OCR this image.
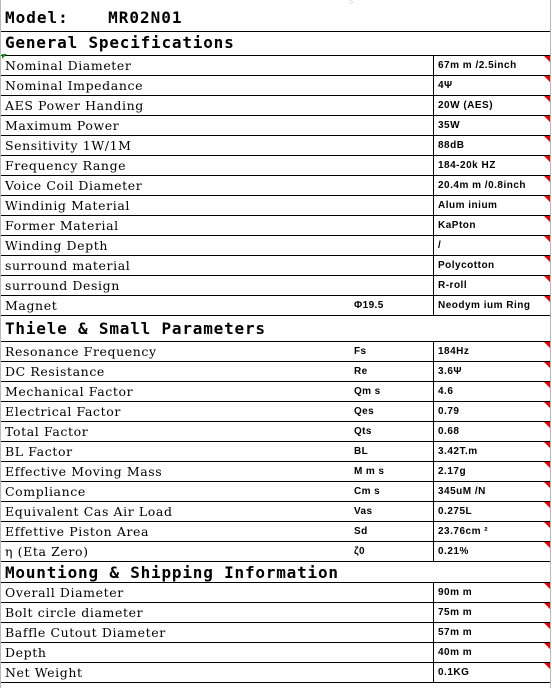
⁘
Model: MR02N01
General Specifications
Nominal Diameter	67m m /2.5inch
Nominal Impedance	4Ψ
AES Power Handing	20W (AES)
Maximum Power	35W
Sensitivity 1W/1M	88dB
Frequency Range	184-20k HZ
Voice Coil Diameter	20.4m m /0.8inch
Windinig Material	Alum inium
Former Material	KaPton
Winding Depth	/
surround material	Polycotton
surround Design	R-roll
Magnet	Φ19.5	Neodym ium Ring
Thiele & Small Parameters
Resonance Frequency	Fs	184Hz
DC Resistance	Re	3.6Ψ
Mechanical Factor	Qm s	4.6
Electrical Factor	Qes	0.79
Total Factor	Qts	0.68
BL Factor	BL	3.42T.m
Effective Moving Mass	M m s	2.17g
Compliance	Cm s	345uM /N
Equivalent Cas Air Load	Vas	0.275L
Effettive Piston Area	Sd	23.76cm ²
η (Eta Zero)	ζ0	0.21%
Mountiong & Shipping Information
Overall Diameter	90m m
Bolt circle diameter	75m m
Baffle Cutout Diameter	57m m
Depth	40m m
Net Weight	0.1KG
